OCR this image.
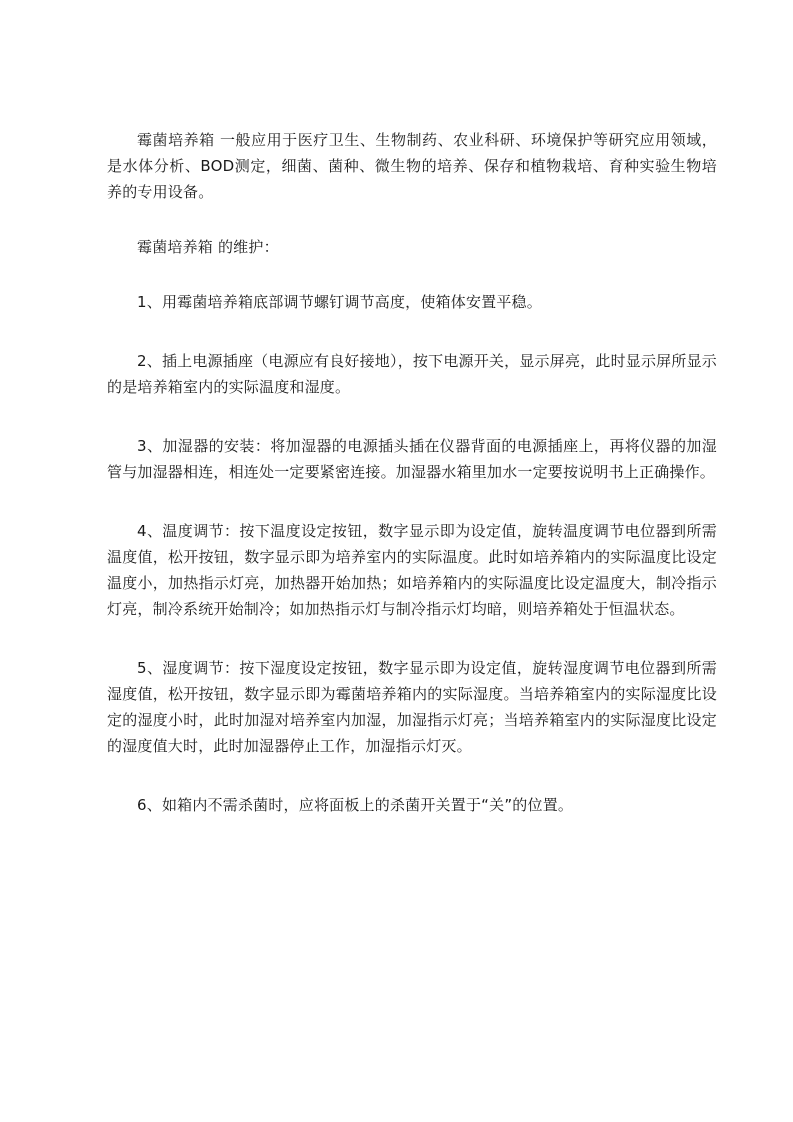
霉菌培养箱 一般应用于医疗卫生、生物制药、农业科研、环境保护等研究应用领域，是水体分析、BOD测定，细菌、菌种、微生物的培养、保存和植物栽培、育种实验生物培养的专用设备。

霉菌培养箱 的维护：

1、用霉菌培养箱底部调节螺钉调节高度，使箱体安置平稳。

2、插上电源插座（电源应有良好接地），按下电源开关，显示屏亮，此时显示屏所显示的是培养箱室内的实际温度和湿度。

3、加湿器的安装：将加湿器的电源插头插在仪器背面的电源插座上，再将仪器的加湿管与加湿器相连，相连处一定要紧密连接。加湿器水箱里加水一定要按说明书上正确操作。

4、温度调节：按下温度设定按钮，数字显示即为设定值，旋转温度调节电位器到所需温度值，松开按钮，数字显示即为培养室内的实际温度。此时如培养箱内的实际温度比设定温度小，加热指示灯亮，加热器开始加热；如培养箱内的实际温度比设定温度大，制冷指示灯亮，制冷系统开始制冷；如加热指示灯与制冷指示灯均暗，则培养箱处于恒温状态。

5、湿度调节：按下湿度设定按钮，数字显示即为设定值，旋转湿度调节电位器到所需湿度值，松开按钮，数字显示即为霉菌培养箱内的实际湿度。当培养箱室内的实际湿度比设定的湿度小时，此时加湿对培养室内加湿，加湿指示灯亮；当培养箱室内的实际湿度比设定的湿度值大时，此时加湿器停止工作，加湿指示灯灭。

6、如箱内不需杀菌时，应将面板上的杀菌开关置于“关”的位置。
